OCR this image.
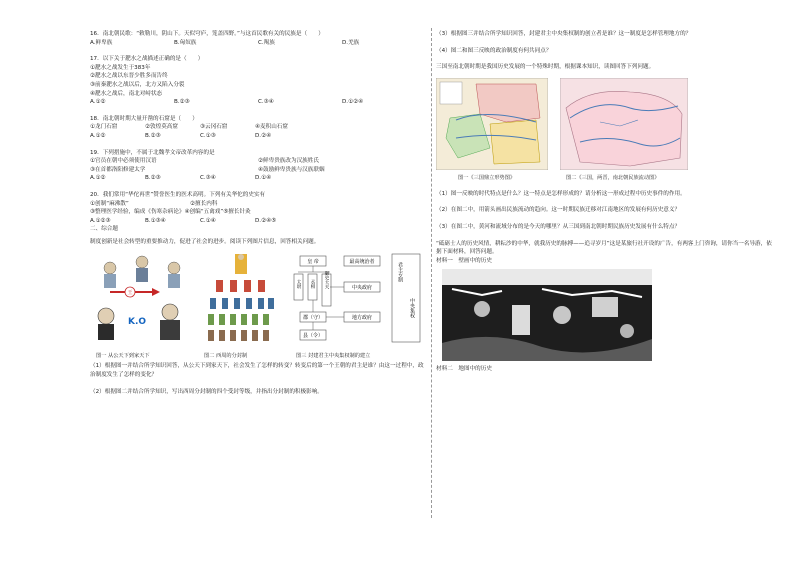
16．南北朝民歌：“敕勒川，阴山下。天似穹庐，笼盖四野。”与这首民歌有关的民族是（　　）

A.鲜卑族	B.匈奴族	C.羯族	D.羌族

17．以下关于淝水之战描述正确的是（　　）

①淝水之战发生于383年

②淝水之战以东晋少胜多而告终

③前秦淝水之战以后，北方又陷入分裂

④淝水之战后，南北对峙状态

A.①②	B.②③	C.③④	D.①②④

18．南北朝时期大量开凿的石窟是（　　）

①龙门石窟	②敦煌莫高窟	③云冈石窟	④麦积山石窟
A.①②	B.②③	C.①③	D.②④

19．下列措施中，不属于北魏孝文帝改革内容的是

①官员在朝中必须使用汉语	②鲜卑贵族改为汉族姓氏
③在首都洛阳修建太学	④鼓励鲜卑贵族与汉族联姻
A.①②	B.②③	C.③④	D.①④

20．我们常用“华佗再世”赞誉医生的医术高明。下列有关华佗的史实有

①创制“麻沸散”	②擅长内科

③整理医学经验，编成《伤寒杂病论》④创编“五禽戏”⑤擅长针灸

A.①②③	B.①③④	C.①④	D.②④⑤

二、综合题

制度创新是社会转型的重要推动力，促进了社会的进步。阅读下列图片信息，回答相关问题。

王
K.O
皇 帝	最高统治者
太尉 丞相 御史大夫	中央政府
郡（守）	地方政府
县（令）
君主专制
中央集权
图一 从公天下到家天下	图二 西周的分封制	图三 封建君主中央集权制的建立

（1）根据图一并结合所学知识回答，从公天下到家天下，社会发生了怎样的转变？转变后的第一个王朝的君主是谁？由这一过程中，政治制度发生了怎样的变化？

（2）根据图二并结合所学知识，写出西周分封制的四个受封等级，并指出分封制的积极影响。

（3）根据图三并结合所学知识回答，封建君主中央集权制的创立者是谁？这一制度是怎样管理地方的？

（4）图二和图三反映的政治制度有何共同点？

三国至南北朝时期是我国历史发展的一个特殊时期，根据课本知识，读图回答下列问题。

图一《三国鼎立形势图》	图二《三国，两晋，南北朝民族流动图》

（1）图一反映的时代特点是什么？这一特点是怎样形成的？请分析这一形成过程中历史事件的作用。

（2）在图二中，用箭头画出民族流动的趋向。这一时期民族迁移对江南地区的发展有何历史意义？

（3）在图二中，黄河和流域分布的是今天的哪里？从三国到南北朝时期民族历史发展有什么特点？

“砥砺士人的历史风情，耕耘沙的中华，就我历史的脉搏——追寻岁月”这是某旅行社开设的广告，有两客上门咨询，请你当一名导游，依据下面材料，回答问题。

材料一　壁画中的历史

材料二　地图中的历史
